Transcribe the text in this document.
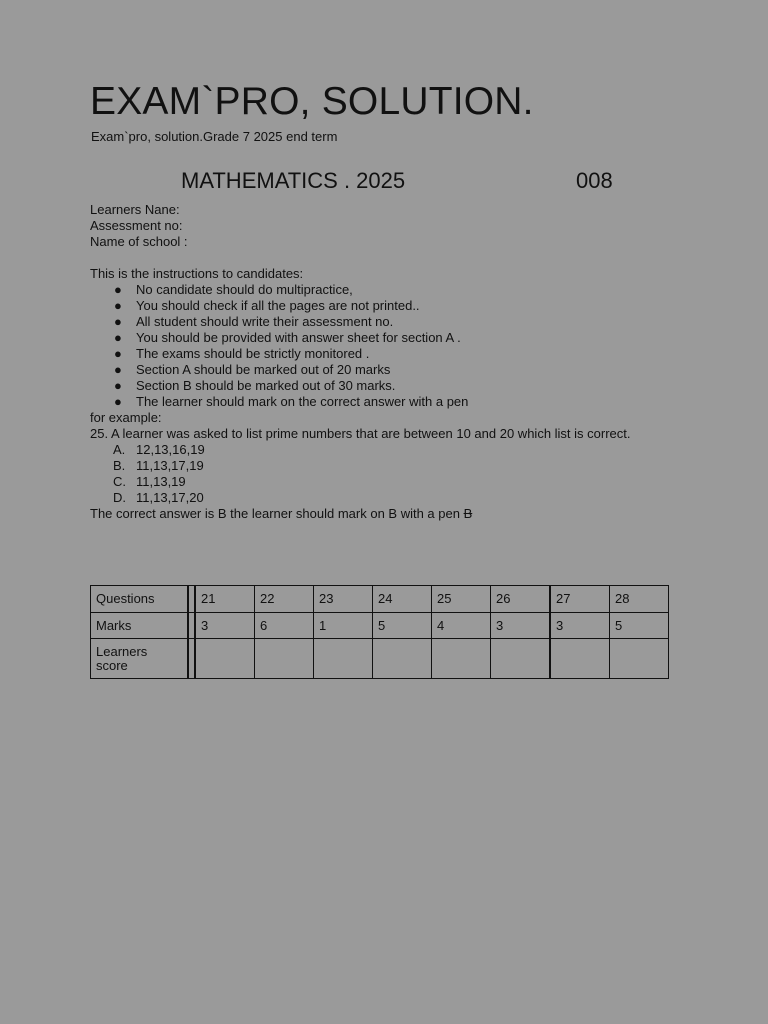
EXAM`PRO, SOLUTION.
Exam`pro, solution.Grade 7 2025 end term
MATHEMATICS . 2025	008
Learners Nane:
Assessment no:
Name of school :
This is the instructions to candidates:
● No candidate should do multipractice,
● You should check if all the pages are not printed..
● All student should write their assessment no.
● You should be provided with answer sheet for section A .
● The exams should be strictly monitored .
● Section A should be marked out of 20 marks
● Section B should be marked out of 30 marks.
● The learner should mark on the correct answer with a pen
for example:
25. A learner was asked to list prime numbers that are between 10 and 20 which list is correct.
A. 12,13,16,19
B. 11,13,17,19
C. 11,13,19
D. 11,13,17,20
The correct answer is B the learner should mark on B with a pen B
Questions		21	22	23	24	25	26	27	28
Marks		3	6	1	5	4	3	3	5
Learners score									
